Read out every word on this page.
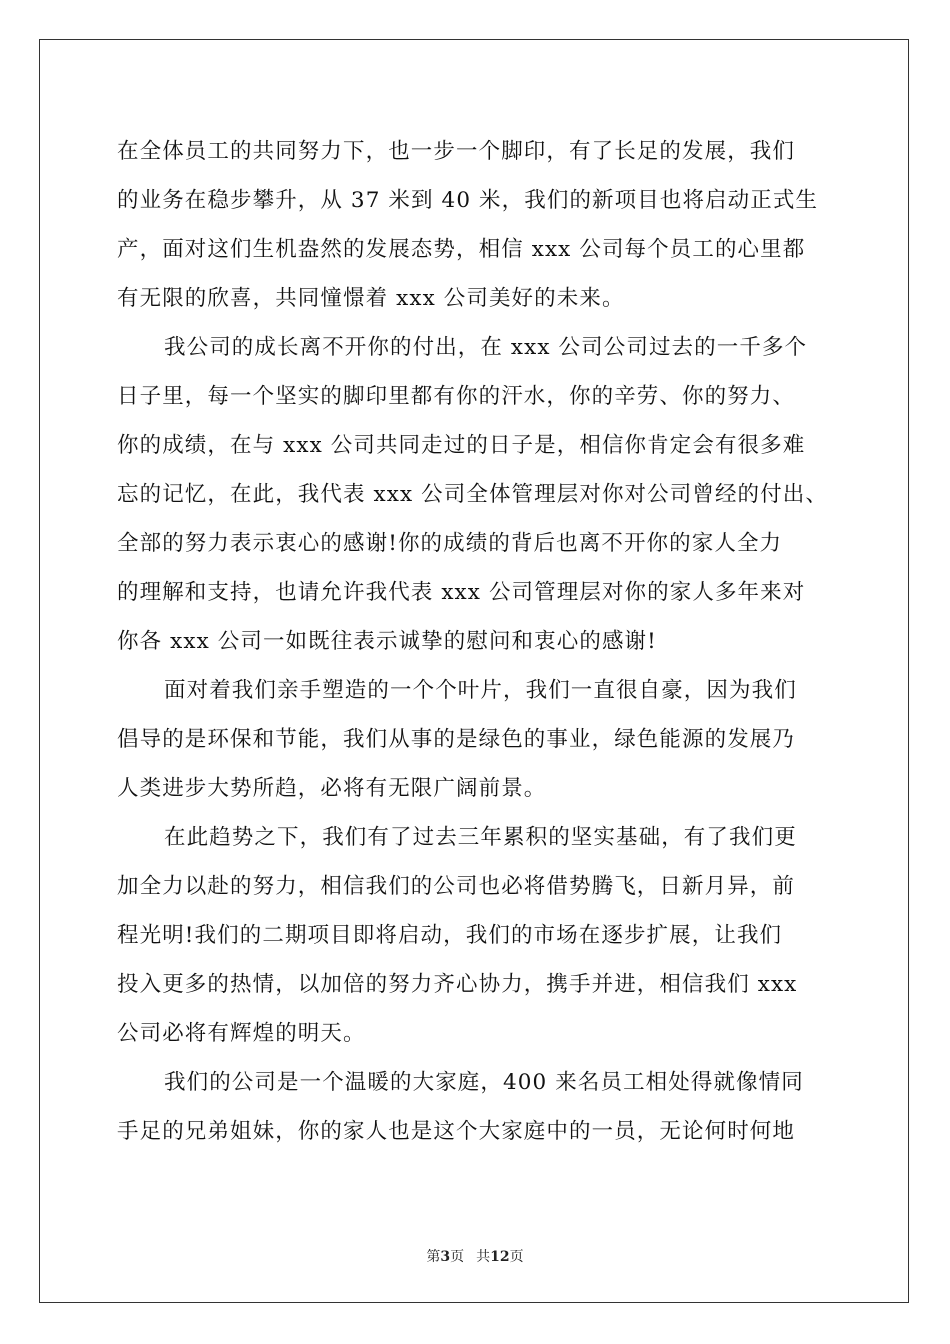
在全体员工的共同努力下，也一步一个脚印，有了长足的发展，我们
的业务在稳步攀升，从 37 米到 40 米，我们的新项目也将启动正式生
产，面对这们生机盎然的发展态势，相信 xxx 公司每个员工的心里都
有无限的欣喜，共同憧憬着 xxx 公司美好的未来。
我公司的成长离不开你的付出，在 xxx 公司公司过去的一千多个
日子里，每一个坚实的脚印里都有你的汗水，你的辛劳、你的努力、
你的成绩，在与 xxx 公司共同走过的日子是，相信你肯定会有很多难
忘的记忆，在此，我代表 xxx 公司全体管理层对你对公司曾经的付出、
全部的努力表示衷心的感谢!你的成绩的背后也离不开你的家人全力
的理解和支持，也请允许我代表 xxx 公司管理层对你的家人多年来对
你各 xxx 公司一如既往表示诚挚的慰问和衷心的感谢!
面对着我们亲手塑造的一个个叶片，我们一直很自豪，因为我们
倡导的是环保和节能，我们从事的是绿色的事业，绿色能源的发展乃
人类进步大势所趋，必将有无限广阔前景。
在此趋势之下，我们有了过去三年累积的坚实基础，有了我们更
加全力以赴的努力，相信我们的公司也必将借势腾飞，日新月异，前
程光明!我们的二期项目即将启动，我们的市场在逐步扩展，让我们
投入更多的热情，以加倍的努力齐心协力，携手并进，相信我们 xxx
公司必将有辉煌的明天。
我们的公司是一个温暖的大家庭，400 来名员工相处得就像情同
手足的兄弟姐妹，你的家人也是这个大家庭中的一员，无论何时何地
第3页 共12页
